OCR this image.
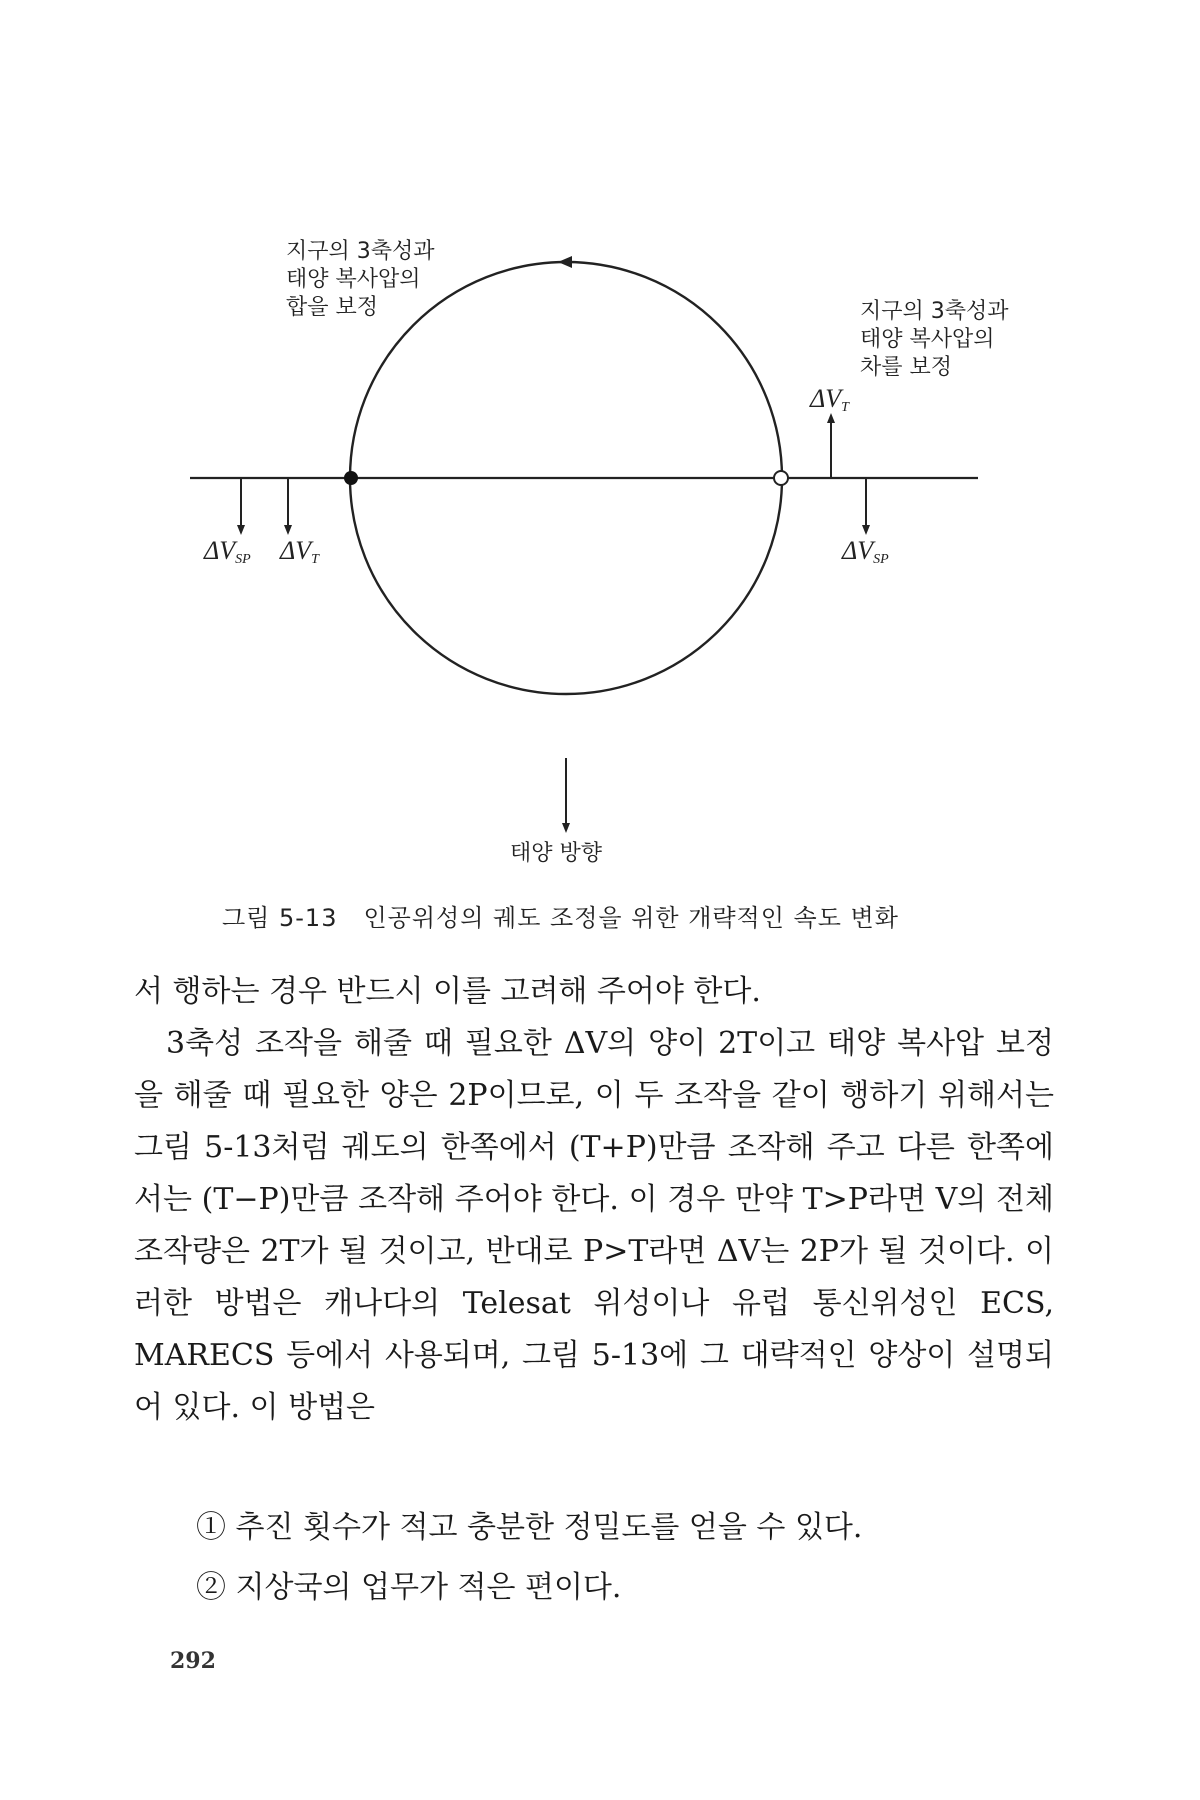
지구의 3축성과
태양 복사압의
합을 보정	지구의 3축성과
태양 복사압의
차를 보정
$\Delta V_T$
$\Delta V_{SP}$ $\Delta V_T$	$\Delta V_{SP}$
태양 방향
그림 5-13 인공위성의 궤도 조정을 위한 개략적인 속도 변화

서 행하는 경우 반드시 이를 고려해 주어야 한다.

3축성 조작을 해줄 때 필요한 ΔV의 양이 2T이고 태양 복사압 보정을 해줄 때 필요한 양은 2P이므로, 이 두 조작을 같이 행하기 위해서는 그림 5-13처럼 궤도의 한쪽에서 (T+P)만큼 조작해 주고 다른 한쪽에서는 (T−P)만큼 조작해 주어야 한다. 이 경우 만약 T>P라면 V의 전체 조작량은 2T가 될 것이고, 반대로 P>T라면 ΔV는 2P가 될 것이다. 이러한 방법은 캐나다의 Telesat 위성이나 유럽 통신위성인 ECS, MARECS 등에서 사용되며, 그림 5-13에 그 대략적인 양상이 설명되어 있다. 이 방법은

① 추진 횟수가 적고 충분한 정밀도를 얻을 수 있다.
② 지상국의 업무가 적은 편이다.
292
